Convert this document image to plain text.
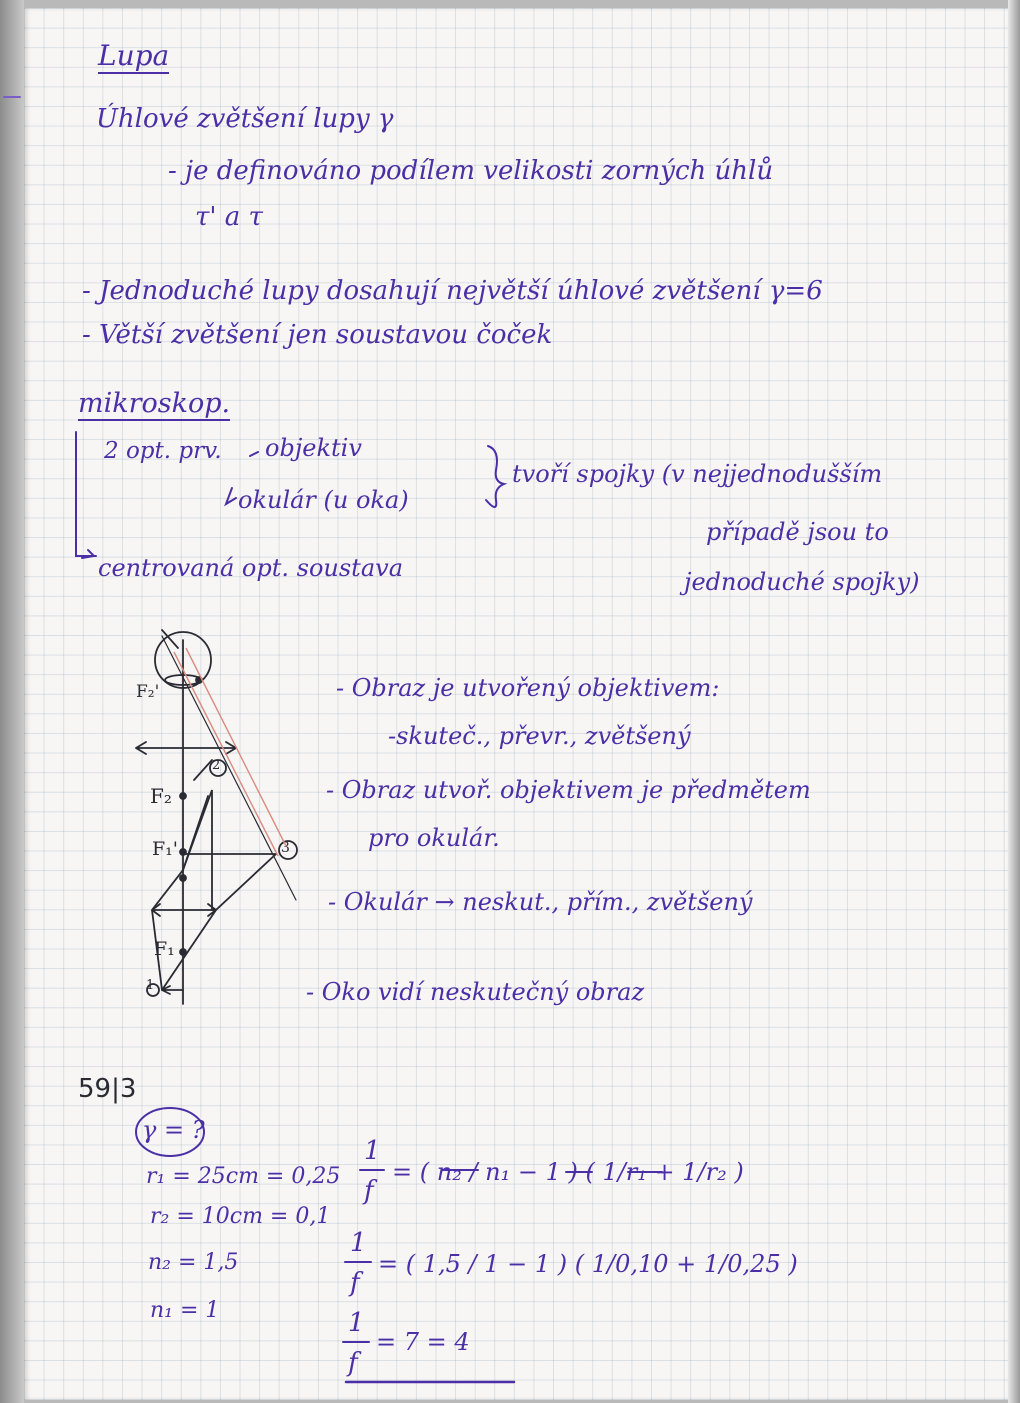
Lupa
Úhlové zvětšení lupy γ
- je definováno podílem velikosti zorných úhlů
τ' a τ
- Jednoduché lupy dosahují největší úhlové zvětšení γ=6
- Větší zvětšení jen soustavou čoček
mikroskop.
2 opt. prv. objektiv
okulár (u oka)
tvoří spojky (v nejjednodušším
případě jsou to
jednoduché spojky)
centrovaná opt. soustava
- Obraz je utvořený objektivem:
-skuteč., převr., zvětšený
- Obraz utvoř. objektivem je předmětem
pro okulár.
- Okulár → neskut., přím., zvětšený
- Oko vidí neskutečný obraz
F₂'
F₂
F₁'
F₁
1
2
3
59|3
γ = ?
r₁ = 25cm = 0,25
r₂ = 10cm = 0,1
n₂ = 1,5
n₁ = 1
1
f
= ( n₂ / n₁ − 1 ) ( 1/r₁ + 1/r₂ )
1
f
= ( 1,5 / 1 − 1 ) ( 1/0,10 + 1/0,25 )
1
f
= 7 = 4
